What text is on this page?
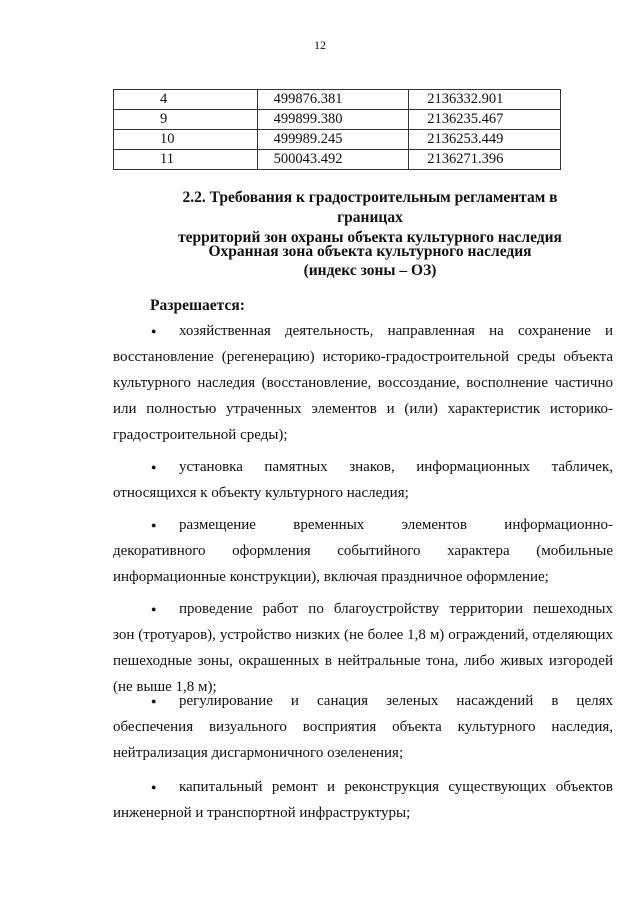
12
4	499876.381	2136332.901
9	499899.380	2136235.467
10	499989.245	2136253.449
11	500043.492	2136271.396
2.2. Требования к градостроительным регламентам в границах
территорий зон охраны объекта культурного наследия
Охранная зона объекта культурного наследия
(индекс зоны – ОЗ)
Разрешается:
● хозяйственная деятельность, направленная на сохранение и
восстановление (регенерацию) историко-градостроительной среды объекта
культурного наследия (восстановление, воссоздание, восполнение частично
или полностью утраченных элементов и (или) характеристик историко-
градостроительной среды);
● установка памятных знаков, информационных табличек,
относящихся к объекту культурного наследия;
● размещение временных элементов информационно-
декоративного оформления событийного характера (мобильные
информационные конструкции), включая праздничное оформление;
● проведение работ по благоустройству территории пешеходных
зон (тротуаров), устройство низких (не более 1,8 м) ограждений, отделяющих
пешеходные зоны, окрашенных в нейтральные тона, либо живых изгородей
(не выше 1,8 м);
● регулирование и санация зеленых насаждений в целях
обеспечения визуального восприятия объекта культурного наследия,
нейтрализация дисгармоничного озеленения;
● капитальный ремонт и реконструкция существующих объектов
инженерной и транспортной инфраструктуры;
